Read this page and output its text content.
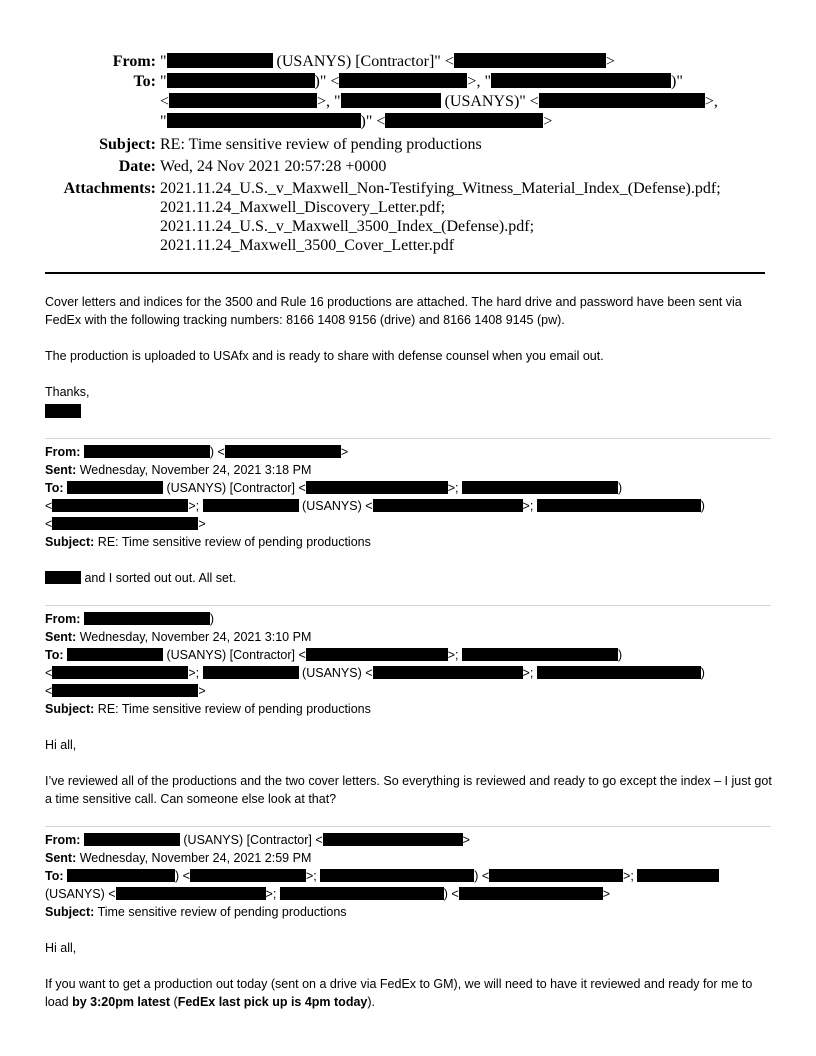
From: "	(USANYS) [Contractor]" <	>
To: "	)" <	>, "	)"
<	>, "	(USANYS)" <	>,
"	)" <	>
Subject: RE: Time sensitive review of pending productions
Date: Wed, 24 Nov 2021 20:57:28 +0000
Attachments: 2021.11.24_U.S._v_Maxwell_Non-Testifying_Witness_Material_Index_(Defense).pdf;
2021.11.24_Maxwell_Discovery_Letter.pdf;
2021.11.24_U.S._v_Maxwell_3500_Index_(Defense).pdf;
2021.11.24_Maxwell_3500_Cover_Letter.pdf
Cover letters and indices for the 3500 and Rule 16 productions are attached. The hard drive and password have been sent via FedEx with the following tracking numbers: 8166 1408 9156 (drive) and 8166 1408 9145 (pw).
The production is uploaded to USAfx and is ready to share with defense counsel when you email out.
Thanks,
From:	) <	>
Sent: Wednesday, November 24, 2021 3:18 PM
To:	(USANYS) [Contractor] <	>;	)
<	>;	(USANYS) <	>;	)
<	>
Subject: RE: Time sensitive review of pending productions
and I sorted out out. All set.
From:	)
Sent: Wednesday, November 24, 2021 3:10 PM
To:	(USANYS) [Contractor] <	>;	)
<	>;	(USANYS) <	>;	)
<	>
Subject: RE: Time sensitive review of pending productions
Hi all,
I’ve reviewed all of the productions and the two cover letters. So everything is reviewed and ready to go except the index – I just got a time sensitive call. Can someone else look at that?
From:	(USANYS) [Contractor] <	>
Sent: Wednesday, November 24, 2021 2:59 PM
To:	) <	>;	) <	>;
(USANYS) <	>;	) <	>
Subject: Time sensitive review of pending productions
Hi all,
If you want to get a production out today (sent on a drive via FedEx to GM), we will need to have it reviewed and ready for me to load by 3:20pm latest (FedEx last pick up is 4pm today).
